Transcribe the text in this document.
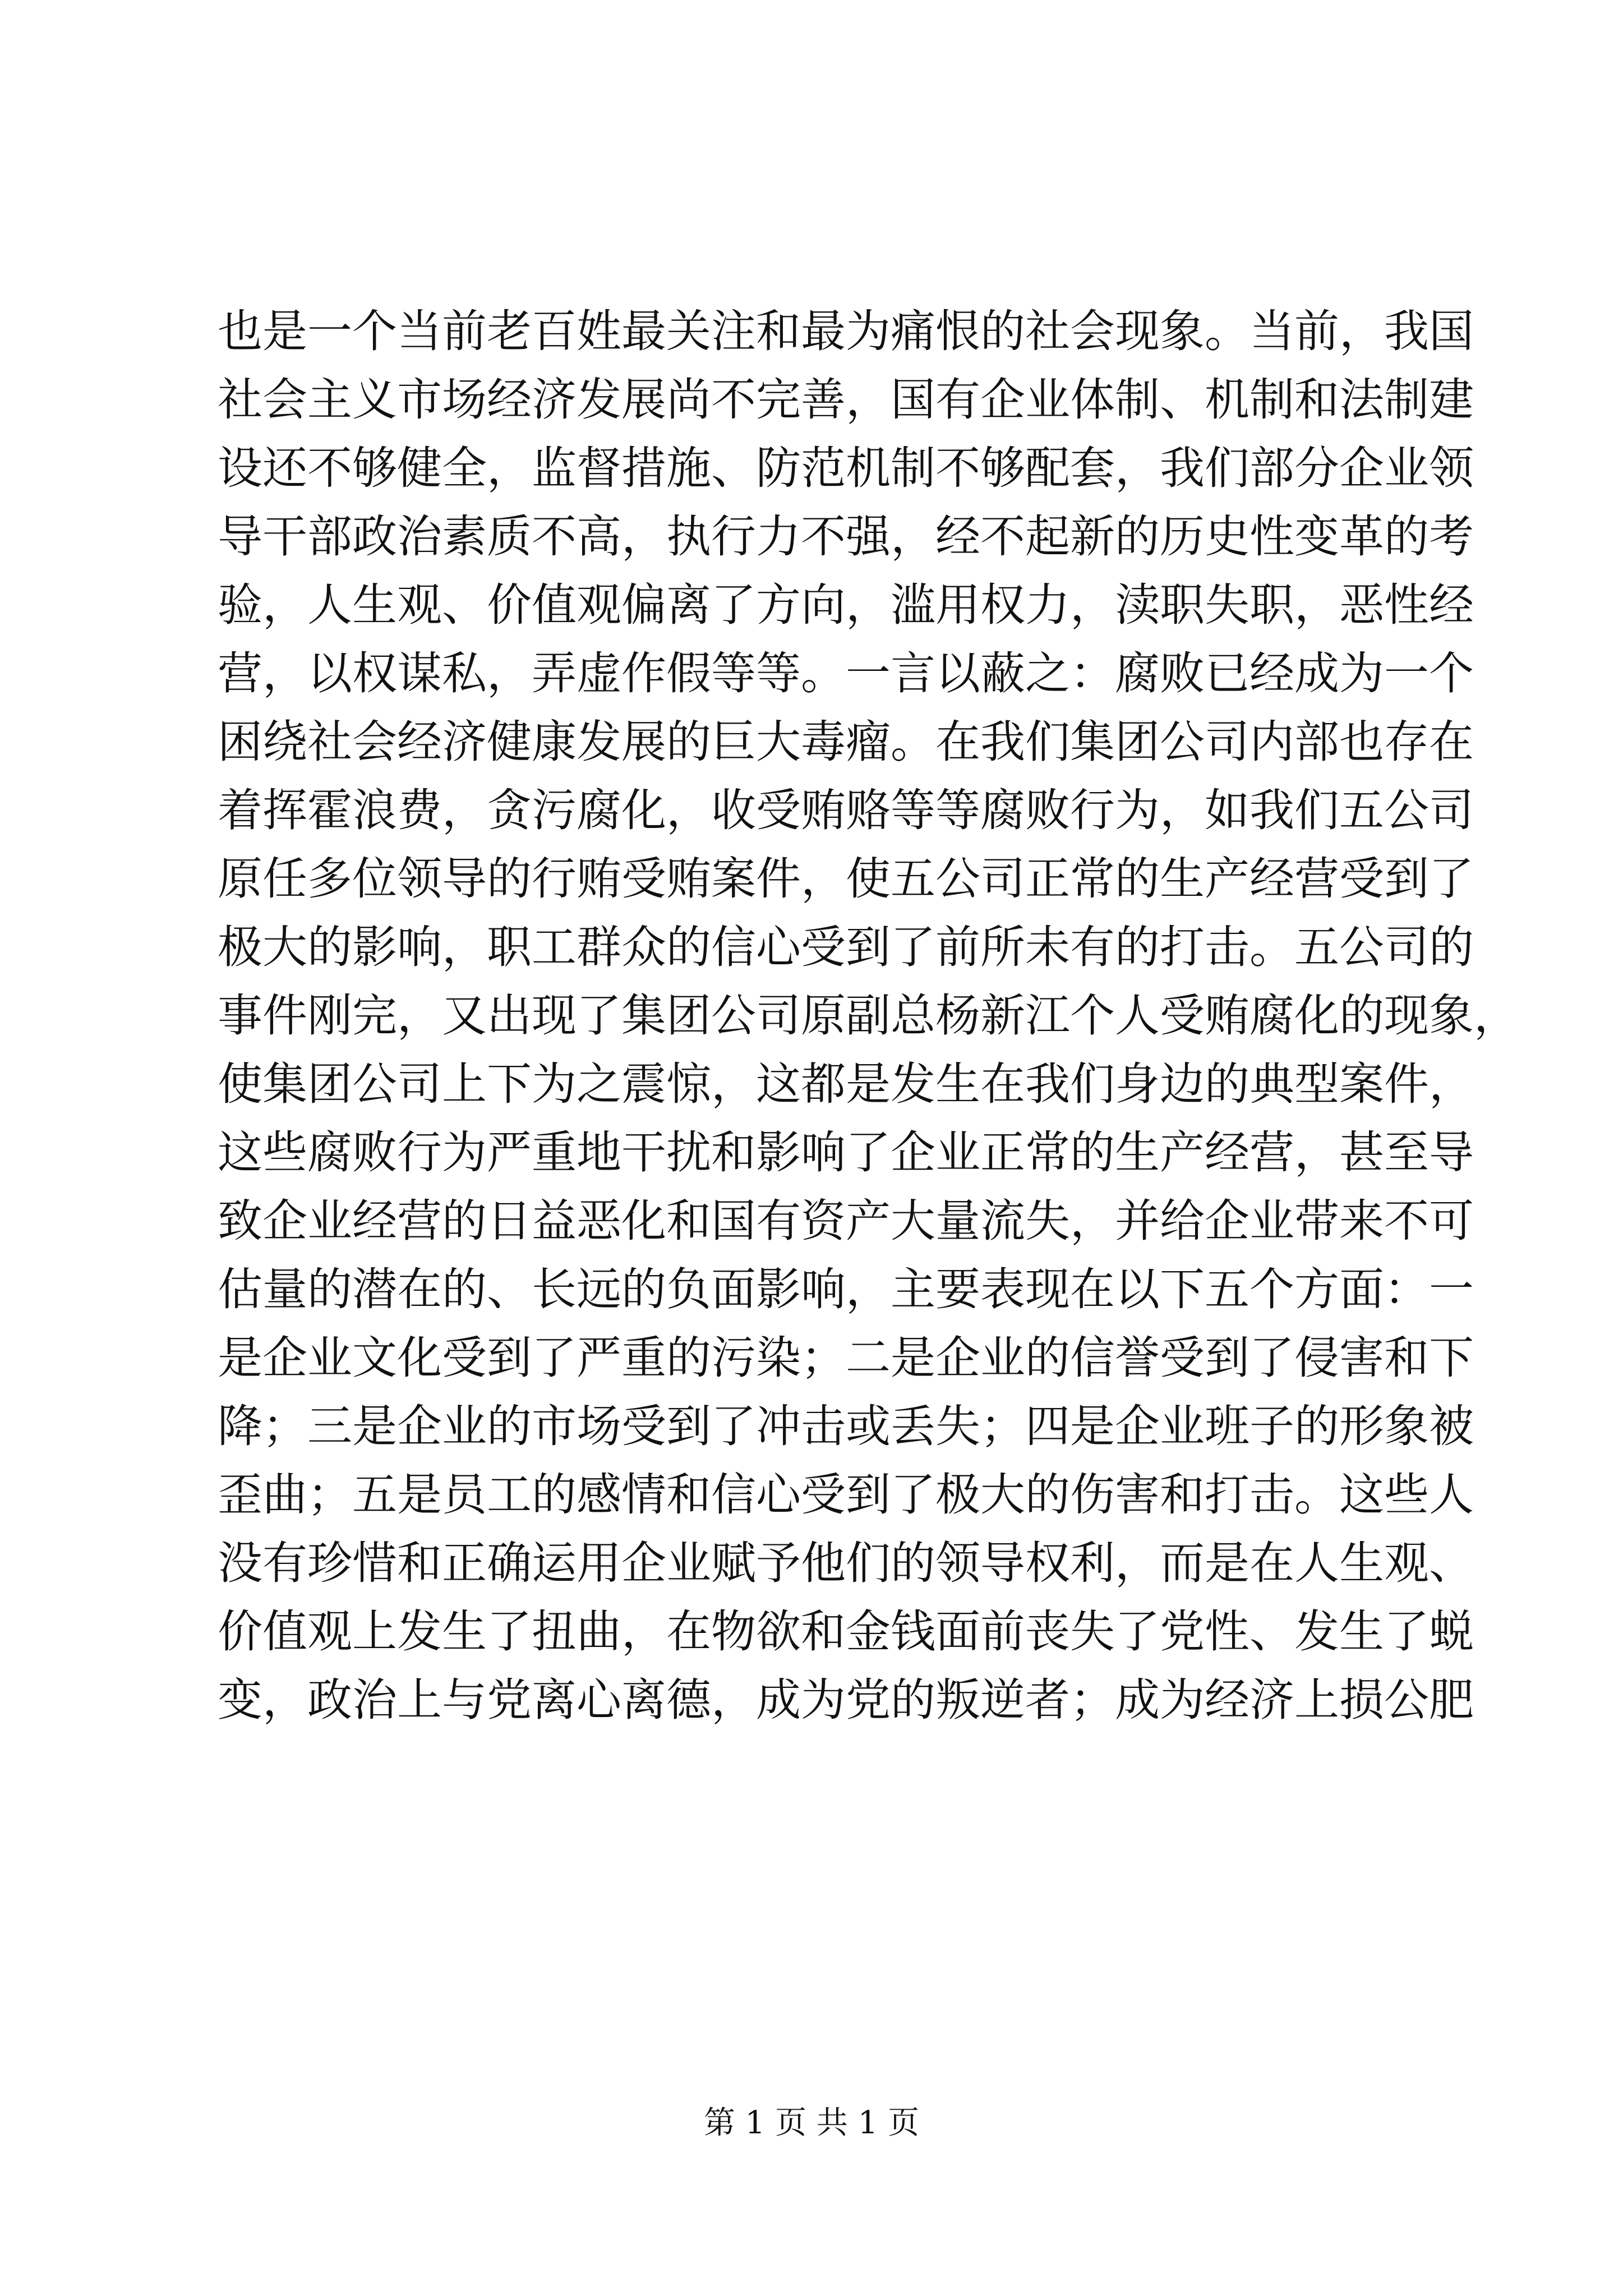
也 是 一 个 当 前 老 百 姓 最 关 注 和 最 为 痛 恨 的 社 会 现 象 。 当 前 ， 我 国
社 会 主 义 市 场 经 济 发 展 尚 不 完 善 ， 国 有 企 业 体 制 、 机 制 和 法 制 建
设 还 不 够 健 全 ， 监 督 措 施 、 防 范 机 制 不 够 配 套 ， 我 们 部 分 企 业 领
导 干 部 政 治 素 质 不 高 ， 执 行 力 不 强 ， 经 不 起 新 的 历 史 性 变 革 的 考
验 ， 人 生 观 、 价 值 观 偏 离 了 方 向 ， 滥 用 权 力 ， 渎 职 失 职 ， 恶 性 经
营 ， 以 权 谋 私 ， 弄 虚 作 假 等 等 。 一 言 以 蔽 之 ： 腐 败 已 经 成 为 一 个
困 绕 社 会 经 济 健 康 发 展 的 巨 大 毒 瘤 。 在 我 们 集 团 公 司 内 部 也 存 在
着 挥 霍 浪 费 ， 贪 污 腐 化 ， 收 受 贿 赂 等 等 腐 败 行 为 ， 如 我 们 五 公 司
原 任 多 位 领 导 的 行 贿 受 贿 案 件 ， 使 五 公 司 正 常 的 生 产 经 营 受 到 了
极 大 的 影 响 ， 职 工 群 众 的 信 心 受 到 了 前 所 未 有 的 打 击 。 五 公 司 的
事 件 刚 完 ， 又 出 现 了 集 团 公 司 原 副 总 杨 新 江 个 人 受 贿 腐 化 的 现 象 ，
使 集 团 公 司 上 下 为 之 震 惊 ， 这 都 是 发 生 在 我 们 身 边 的 典 型 案 件 ，
这 些 腐 败 行 为 严 重 地 干 扰 和 影 响 了 企 业 正 常 的 生 产 经 营 ， 甚 至 导
致 企 业 经 营 的 日 益 恶 化 和 国 有 资 产 大 量 流 失 ， 并 给 企 业 带 来 不 可
估 量 的 潜 在 的 、 长 远 的 负 面 影 响 ， 主 要 表 现 在 以 下 五 个 方 面 ： 一
是 企 业 文 化 受 到 了 严 重 的 污 染 ； 二 是 企 业 的 信 誉 受 到 了 侵 害 和 下
降 ； 三 是 企 业 的 市 场 受 到 了 冲 击 或 丢 失 ； 四 是 企 业 班 子 的 形 象 被
歪 曲 ； 五 是 员 工 的 感 情 和 信 心 受 到 了 极 大 的 伤 害 和 打 击 。 这 些 人
没 有 珍 惜 和 正 确 运 用 企 业 赋 予 他 们 的 领 导 权 利 ， 而 是 在 人 生 观 、
价 值 观 上 发 生 了 扭 曲 ， 在 物 欲 和 金 钱 面 前 丧 失 了 党 性 、 发 生 了 蜕
变 ， 政 治 上 与 党 离 心 离 德 ， 成 为 党 的 叛 逆 者 ； 成 为 经 济 上 损 公 肥
第 1 页 共 1 页
